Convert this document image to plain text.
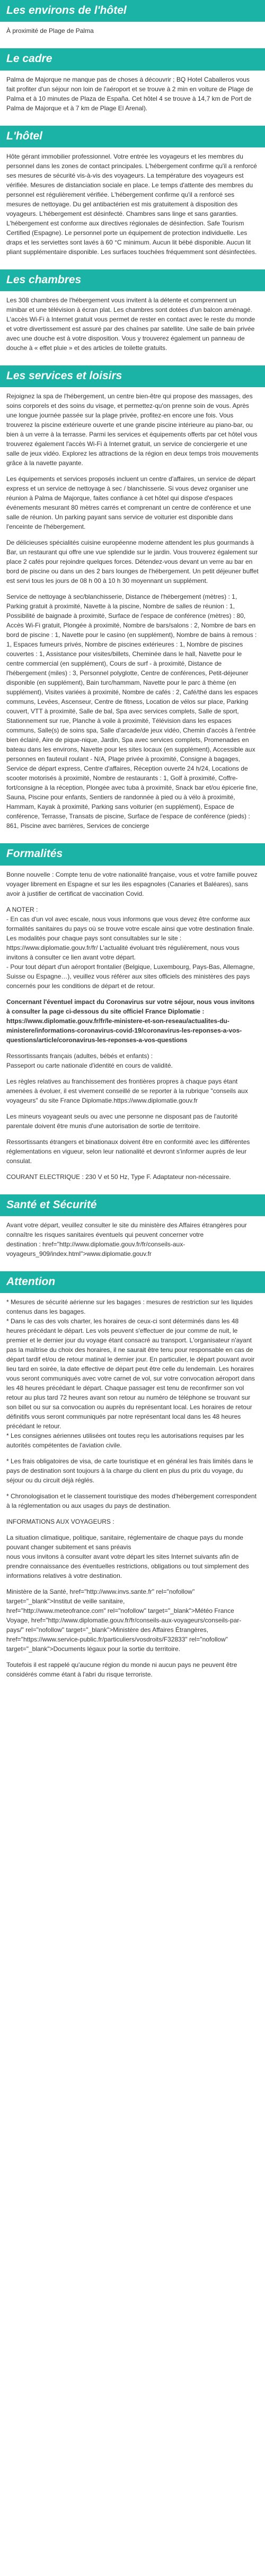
Les environs de l'hôtel

À proximité de Plage de Palma

Le cadre

Palma de Majorque ne manque pas de choses à découvrir ; BQ Hotel Caballeros vous fait profiter d'un séjour non loin de l'aéroport et se trouve à 2 min en voiture de Plage de Palma et à 10 minutes de Plaza de España. Cet hôtel 4 se trouve à 14,7 km de Port de Palma de Majorque et à 7 km de Plage El Arenal).

L'hôtel

Hôte gérant immobilier professionnel. Votre entrée les voyageurs et les membres du personnel dans les zones de contact principales. L'hébergement confirme qu'il a renforcé ses mesures de sécurité vis-à-vis des voyageurs. La température des voyageurs est vérifiée. Mesures de distanciation sociale en place. Le temps d'attente des membres du personnel est régulièrement vérifiée. L'hébergement confirme qu'il a renforcé ses mesures de nettoyage. Du gel antibactérien est mis gratuitement à disposition des voyageurs. L'hébergement est désinfecté. Chambres sans linge et sans garanties. L'hébergement est conforme aux directives régionales de désinfection. Safe Tourism Certified (Espagne). Le personnel porte un équipement de protection individuelle. Les draps et les serviettes sont lavés à 60 °C minimum. Aucun lit bébé disponible. Aucun lit pliant supplémentaire disponible. Les surfaces touchées fréquemment sont désinfectées.

Les chambres

Les 308 chambres de l'hébergement vous invitent à la détente et comprennent un minibar et une télévision à écran plat. Les chambres sont dotées d'un balcon aménagé. L'accès Wi-Fi à Internet gratuit vous permet de rester en contact avec le reste du monde et votre divertissement est assuré par des chaînes par satellite. Une salle de bain privée avec une douche est à votre disposition. Vous y trouverez également un panneau de douche à « effet pluie » et des articles de toilette gratuits.

Les services et loisirs

Rejoignez la spa de l'hébergement, un centre bien-être qui propose des massages, des soins corporels et des soins du visage, et permettez-qu'on prenne soin de vous. Après une longue journée passée sur la plage privée, profitez-en encore une fois. Vous trouverez la piscine extérieure ouverte et une grande piscine intérieure au piano-bar, ou bien à un verre à la terrasse. Parmi les services et équipements offerts par cet hôtel vous trouverez également l'accès Wi-Fi à Internet gratuit, un service de conciergerie et une salle de jeux vidéo. Explorez les attractions de la région en deux temps trois mouvements grâce à la navette payante.

Les équipements et services proposés incluent un centre d'affaires, un service de départ express et un service de nettoyage à sec / blanchisserie. Si vous devez organiser une réunion à Palma de Majorque, faites confiance à cet hôtel qui dispose d'espaces événements mesurant 80 mètres carrés et comprenant un centre de conférence et une salle de réunion. Un parking payant sans service de voiturier est disponible dans l'enceinte de l'hébergement.

De délicieuses spécialités cuisine européenne moderne attendent les plus gourmands à Bar, un restaurant qui offre une vue splendide sur le jardin. Vous trouverez également sur place 2 cafés pour rejoindre quelques forces. Détendez-vous devant un verre au bar en bord de piscine ou dans un des 2 bars lounges de l'hébergement. Un petit déjeuner buffet est servi tous les jours de 08 h 00 à 10 h 30 moyennant un supplément.

Service de nettoyage à sec/blanchisserie, Distance de l'hébergement (mètres) : 1, Parking gratuit à proximité, Navette à la piscine, Nombre de salles de réunion : 1, Possibilité de baignade à proximité, Surface de l'espace de conférence (mètres) : 80, Accès Wi-Fi gratuit, Plongée à proximité, Nombre de bars/salons : 2, Nombre de bars en bord de piscine : 1, Navette pour le casino (en supplément), Nombre de bains à remous : 1, Espaces fumeurs privés, Nombre de piscines extérieures : 1, Nombre de piscines couvertes : 1, Assistance pour visites/billets, Cheminée dans le hall, Navette pour le centre commercial (en supplément), Cours de surf - à proximité, Distance de l'hébergement (miles) : 3, Personnel polyglotte, Centre de conférences, Petit-déjeuner disponible (en supplément), Bain turc/hammam, Navette pour le parc à thème (en supplément), Visites variées à proximité, Nombre de cafés : 2, Café/thé dans les espaces communs, Levées, Ascenseur, Centre de fitness, Location de vélos sur place, Parking couvert, VTT à proximité, Salle de bal, Spa avec services complets, Salle de sport, Stationnement sur rue, Planche à voile à proximité, Télévision dans les espaces communs, Salle(s) de soins spa, Salle d'arcade/de jeux vidéo, Chemin d'accès à l'entrée bien éclairé, Aire de pique-nique, Jardin, Spa avec services complets, Promenades en bateau dans les environs, Navette pour les sites locaux (en supplément), Accessible aux personnes en fauteuil roulant - N/A, Plage privée à proximité, Consigne à bagages, Service de départ express, Centre d'affaires, Réception ouverte 24 h/24, Locations de scooter motorisés à proximité, Nombre de restaurants : 1, Golf à proximité, Coffre-fort/consigne à la réception, Plongée avec tuba à proximité, Snack bar et/ou épicerie fine, Sauna, Piscine pour enfants, Sentiers de randonnée à pied ou à vélo à proximité, Hammam, Kayak à proximité, Parking sans voiturier (en supplément), Espace de conférence, Terrasse, Transats de piscine, Surface de l'espace de conférence (pieds) : 861, Piscine avec barrières, Services de concierge

Formalités

Bonne nouvelle : Compte tenu de votre nationalité française, vous et votre famille pouvez voyager librement en Espagne et sur les iles espagnoles (Canaries et Baléares), sans avoir à justifier de certificat de vaccination Covid.

A NOTER :
- En cas d'un vol avec escale, nous vous informons que vous devez être conforme aux formalités sanitaires du pays où se trouve votre escale ainsi que votre destination finale.
Les modalités pour chaque pays sont consultables sur le site : https://www.diplomatie.gouv.fr/fr/ L'actualité évoluant très régulièrement, nous vous invitons à consulter ce lien avant votre départ.
- Pour tout départ d'un aéroport frontalier (Belgique, Luxembourg, Pays-Bas, Allemagne, Suisse ou Espagne…), veuillez vous référer aux sites officiels des ministères des pays concernés pour les conditions de départ et de retour.

Concernant l'éventuel impact du Coronavirus sur votre séjour, nous vous invitons à consulter la page ci-dessous du site officiel France Diplomatie : https://www.diplomatie.gouv.fr/fr/le-ministere-et-son-reseau/actualites-du-ministere/informations-coronavirus-covid-19/coronavirus-les-reponses-a-vos-questions/article/coronavirus-les-reponses-a-vos-questions

Ressortissants français (adultes, bébés et enfants) :
Passeport ou carte nationale d'identité en cours de validité.

Les règles relatives au franchissement des frontières propres à chaque pays étant amenées à évoluer, il est vivement conseillé de se reporter à la rubrique "conseils aux voyageurs" du site France Diplomatie.https://www.diplomatie.gouv.fr

Les mineurs voyageant seuls ou avec une personne ne disposant pas de l'autorité parentale doivent être munis d'une autorisation de sortie de territoire.

Ressortissants étrangers et binationaux doivent être en conformité avec les différentes réglementations en vigueur, selon leur nationalité et devront s'informer auprès de leur consulat.

COURANT ELECTRIQUE : 230 V et 50 Hz, Type F. Adaptateur non-nécessaire.

Santé et Sécurité

Avant votre départ, veuillez consulter le site du ministère des Affaires étrangères pour connaître les risques sanitaires éventuels qui peuvent concerner votre
destination : href="http://www.diplomatie.gouv.fr/fr/conseils-aux-voyageurs_909/index.html">www.diplomatie.gouv.fr

Attention

* Mesures de sécurité aérienne sur les bagages : mesures de restriction sur les liquides contenus dans les bagages.
* Dans le cas des vols charter, les horaires de ceux-ci sont déterminés dans les 48 heures précédant le départ. Les vols peuvent s'effectuer de jour comme de nuit, le premier et le dernier jour du voyage étant consacré au transport. L'organisateur n'ayant pas la maîtrise du choix des horaires, il ne saurait être tenu pour responsable en cas de départ tardif et/ou de retour matinal le dernier jour. En particulier, le départ pouvant avoir lieu tard en soirée, la date effective de départ peut être celle du lendemain. Les horaires vous seront communiqués avec votre carnet de vol, sur votre convocation aéroport dans les 48 heures précédant le départ. Chaque passager est tenu de reconfirmer son vol retour au plus tard 72 heures avant son retour au numéro de téléphone se trouvant sur son billet ou sur sa convocation ou auprès du représentant local. Les horaires de retour définitifs vous seront communiqués par notre représentant local dans les 48 heures précédant le retour.
* Les consignes aériennes utilisées ont toutes reçu les autorisations requises par les autorités compétentes de l'aviation civile.

* Les frais obligatoires de visa, de carte touristique et en général les frais limités dans le pays de destination sont toujours à la charge du client en plus du prix du voyage, du séjour ou du circuit déjà réglés.

* Chronologisation et le classement touristique des modes d'hébergement correspondent à la réglementation ou aux usages du pays de destination.

INFORMATIONS AUX VOYAGEURS :

La situation climatique, politique, sanitaire, réglementaire de chaque pays du monde pouvant changer subitement et sans préavis
nous vous invitons à consulter avant votre départ les sites Internet suivants afin de prendre connaissance des éventuelles restrictions, obligations ou tout simplement des informations relatives à votre destination.

Ministère de la Santé, href="http://www.invs.sante.fr" rel="nofollow" target="_blank">Institut de veille sanitaire,
href="http://www.meteofrance.com" rel="nofollow" target="_blank">Météo France Voyage, href="http://www.diplomatie.gouv.fr/fr/conseils-aux-voyageurs/conseils-par-pays/" rel="nofollow" target="_blank">Ministère des Affaires Étrangères, href="https://www.service-public.fr/particuliers/vosdroits/F32833" rel="nofollow" target="_blank">Documents légaux pour la sortie du territoire.

Toutefois il est rappelé qu'aucune région du monde ni aucun pays ne peuvent être considérés comme étant à l'abri du risque terroriste.
